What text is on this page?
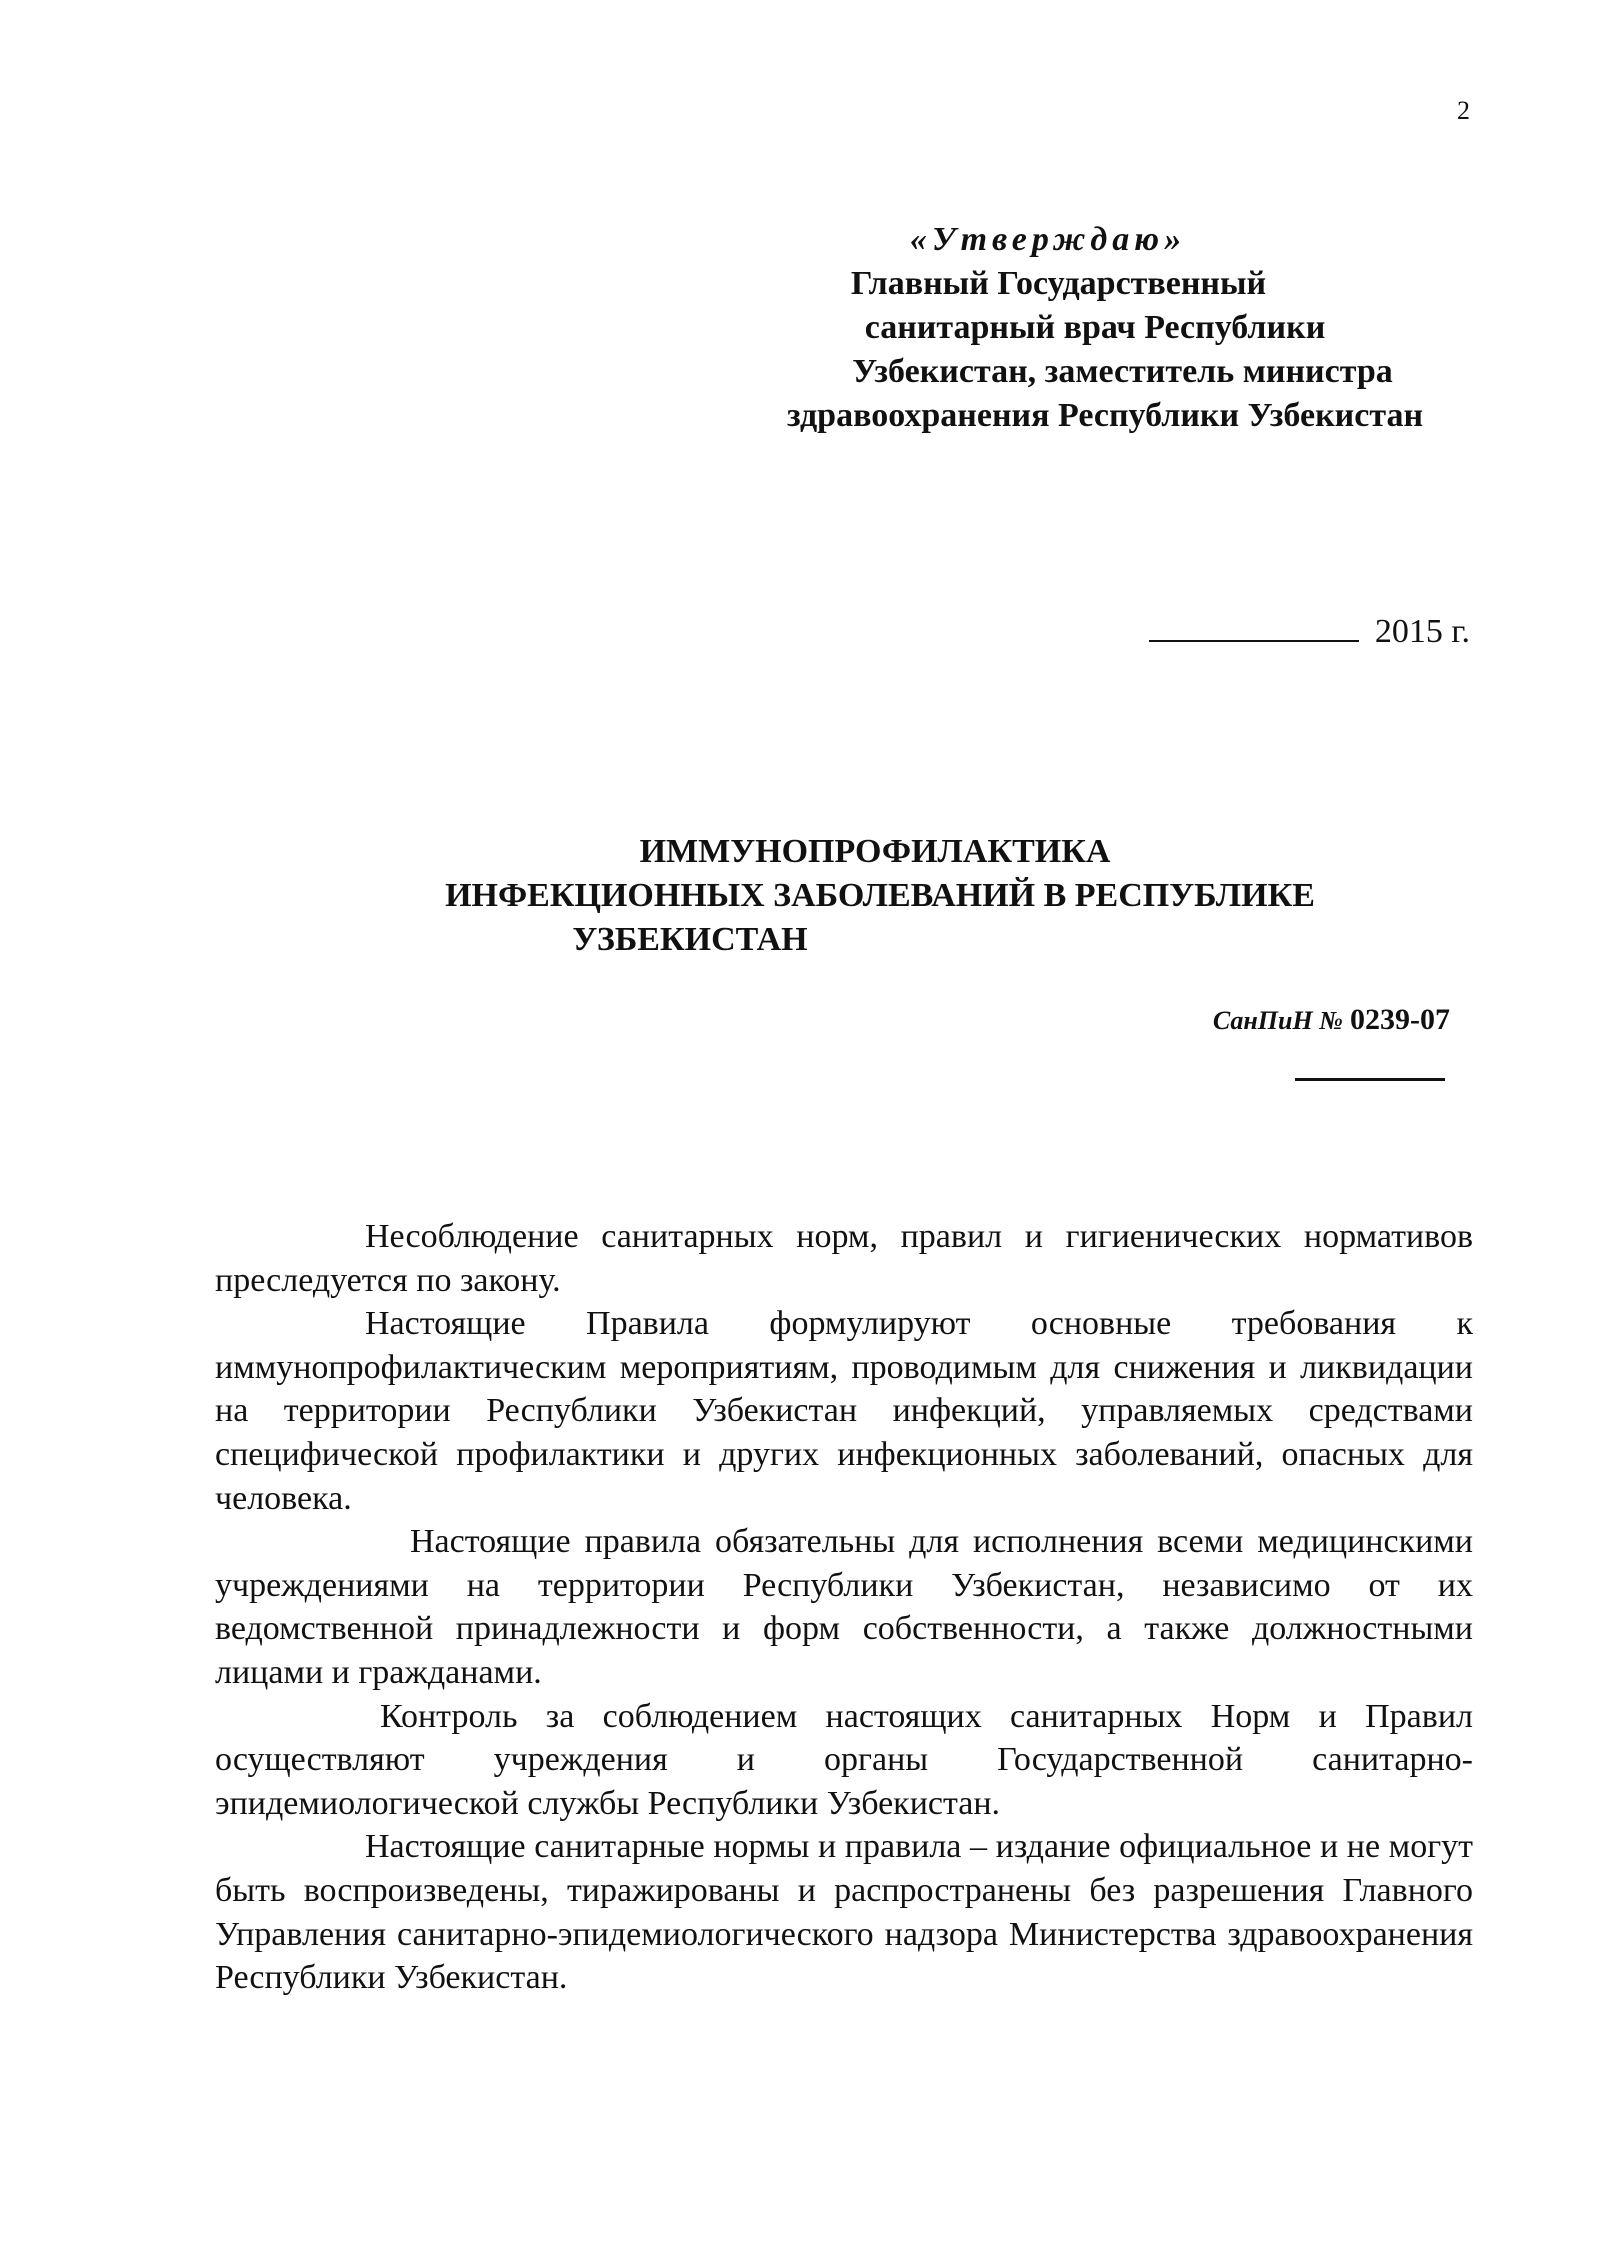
2
«Утверждаю»
Главный Государственный
санитарный врач Республики
Узбекистан, заместитель министра
здравоохранения Республики Узбекистан
2015 г.
ИММУНОПРОФИЛАКТИКА
ИНФЕКЦИОННЫХ ЗАБОЛЕВАНИЙ В РЕСПУБЛИКЕ
УЗБЕКИСТАН
СанПиН № 0239-07

Несоблюдение санитарных норм, правил и гигиенических нормативов преследуется по закону.

Настоящие Правила формулируют основные требования к иммунопрофилактическим мероприятиям, проводимым для снижения и ликвидации на территории Республики Узбекистан инфекций, управляемых средствами специфической профилактики и других инфекционных заболеваний, опасных для человека.

Настоящие правила обязательны для исполнения всеми медицинскими учреждениями на территории Республики Узбекистан, независимо от их ведомственной принадлежности и форм собственности, а также должностными лицами и гражданами.

Контроль за соблюдением настоящих санитарных Норм и Правил осуществляют учреждения и органы Государственной санитарно-эпидемиологической службы Республики Узбекистан.

Настоящие санитарные нормы и правила – издание официальное и не могут быть воспроизведены, тиражированы и распространены без разрешения Главного Управления санитарно-эпидемиологического надзора Министерства здравоохранения Республики Узбекистан.
